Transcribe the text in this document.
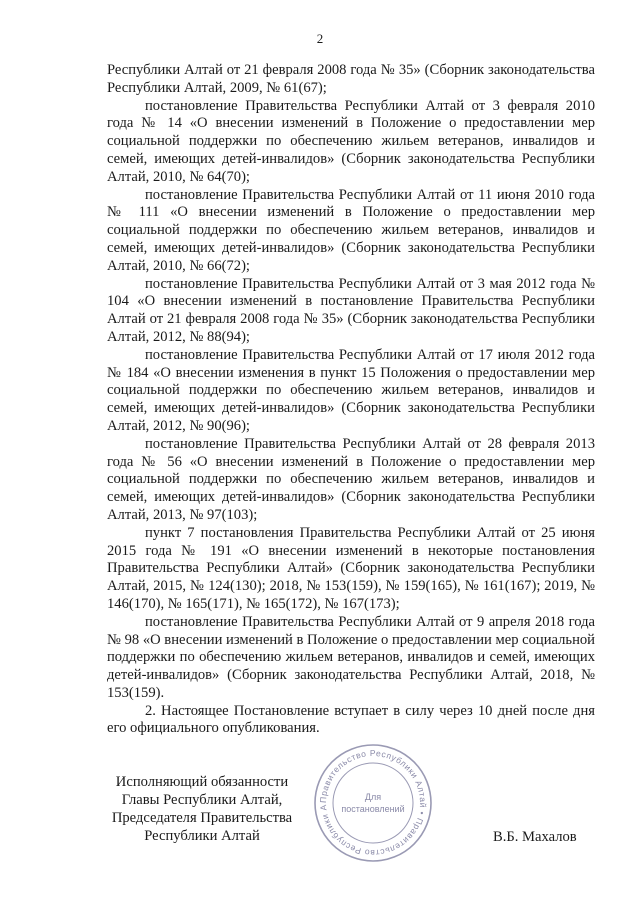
2

Республики Алтай от 21 февраля 2008 года № 35» (Сборник законодательства Республики Алтай, 2009, № 61(67);

постановление Правительства Республики Алтай от 3 февраля 2010 года № 14 «О внесении изменений в Положение о предоставлении мер социальной поддержки по обеспечению жильем ветеранов, инвалидов и семей, имеющих детей-инвалидов» (Сборник законодательства Республики Алтай, 2010, № 64(70);

постановление Правительства Республики Алтай от 11 июня 2010 года № 111 «О внесении изменений в Положение о предоставлении мер социальной поддержки по обеспечению жильем ветеранов, инвалидов и семей, имеющих детей-инвалидов» (Сборник законодательства Республики Алтай, 2010, № 66(72);

постановление Правительства Республики Алтай от 3 мая 2012 года № 104 «О внесении изменений в постановление Правительства Республики Алтай от 21 февраля 2008 года № 35» (Сборник законодательства Республики Алтай, 2012, № 88(94);

постановление Правительства Республики Алтай от 17 июля 2012 года № 184 «О внесении изменения в пункт 15 Положения о предоставлении мер социальной поддержки по обеспечению жильем ветеранов, инвалидов и семей, имеющих детей-инвалидов» (Сборник законодательства Республики Алтай, 2012, № 90(96);

постановление Правительства Республики Алтай от 28 февраля 2013 года № 56 «О внесении изменений в Положение о предоставлении мер социальной поддержки по обеспечению жильем ветеранов, инвалидов и семей, имеющих детей-инвалидов» (Сборник законодательства Республики Алтай, 2013, № 97(103);

пункт 7 постановления Правительства Республики Алтай от 25 июня 2015 года № 191 «О внесении изменений в некоторые постановления Правительства Республики Алтай» (Сборник законодательства Республики Алтай, 2015, № 124(130); 2018, № 153(159), № 159(165), № 161(167); 2019, № 146(170), № 165(171), № 165(172), № 167(173);

постановление Правительства Республики Алтай от 9 апреля 2018 года № 98 «О внесении изменений в Положение о предоставлении мер социальной поддержки по обеспечению жильем ветеранов, инвалидов и семей, имеющих детей-инвалидов» (Сборник законодательства Республики Алтай, 2018, № 153(159).

2. Настоящее Постановление вступает в силу через 10 дней после дня его официального опубликования.

Исполняющий обязанности
Главы Республики Алтай,
Председателя Правительства
Республики Алтай
Правительство Республики Алтай • Правительство Республики А
Для
постановлений
В.Б. Махалов
